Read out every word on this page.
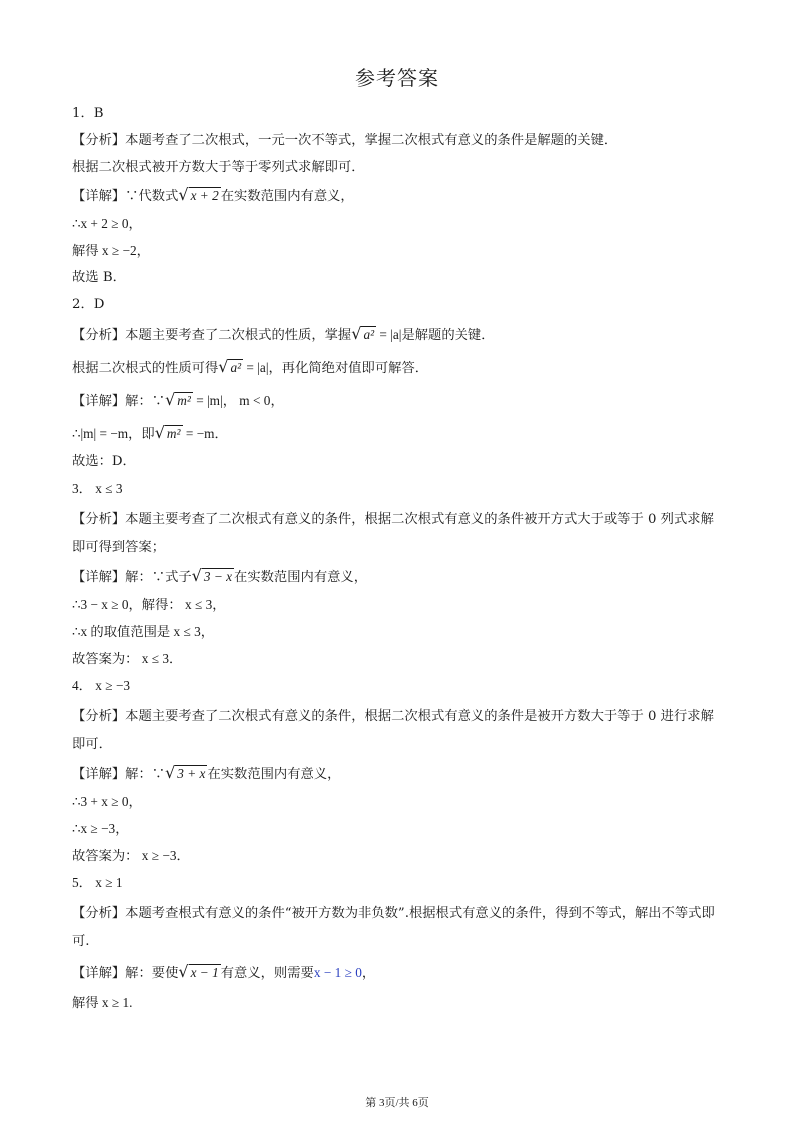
参考答案
1．B
【分析】本题考查了二次根式，一元一次不等式，掌握二次根式有意义的条件是解题的关键．
根据二次根式被开方数大于等于零列式求解即可．
【详解】∵代数式√ x + 2 在实数范围内有意义，
∴x + 2 ≥ 0，
解得 x ≥ −2，
故选 B．
2．D
【分析】本题主要考查了二次根式的性质，掌握√ a² = |a|是解题的关键．
根据二次根式的性质可得√ a² = |a|，再化简绝对值即可解答．
【详解】解：∵√ m² = |m|， m < 0，
∴|m| = −m，即√ m² = −m．
故选：D．
3． x ≤ 3
【分析】本题主要考查了二次根式有意义的条件，根据二次根式有意义的条件被开方式大于或等于 0 列式求解即可得到答案；
【详解】解：∵式子√ 3 − x 在实数范围内有意义，
∴3 − x ≥ 0，解得： x ≤ 3，
∴x 的取值范围是 x ≤ 3，
故答案为： x ≤ 3．
4． x ≥ −3
【分析】本题主要考查了二次根式有意义的条件，根据二次根式有意义的条件是被开方数大于等于 0 进行求解即可．
【详解】解：∵√ 3 + x 在实数范围内有意义，
∴3 + x ≥ 0，
∴x ≥ −3，
故答案为： x ≥ −3．
5． x ≥ 1
【分析】本题考查根式有意义的条件“被开方数为非负数”.根据根式有意义的条件，得到不等式，解出不等式即可.
【详解】解：要使√ x − 1 有意义，则需要x − 1 ≥ 0，
解得 x ≥ 1.
第 3页/共 6页
